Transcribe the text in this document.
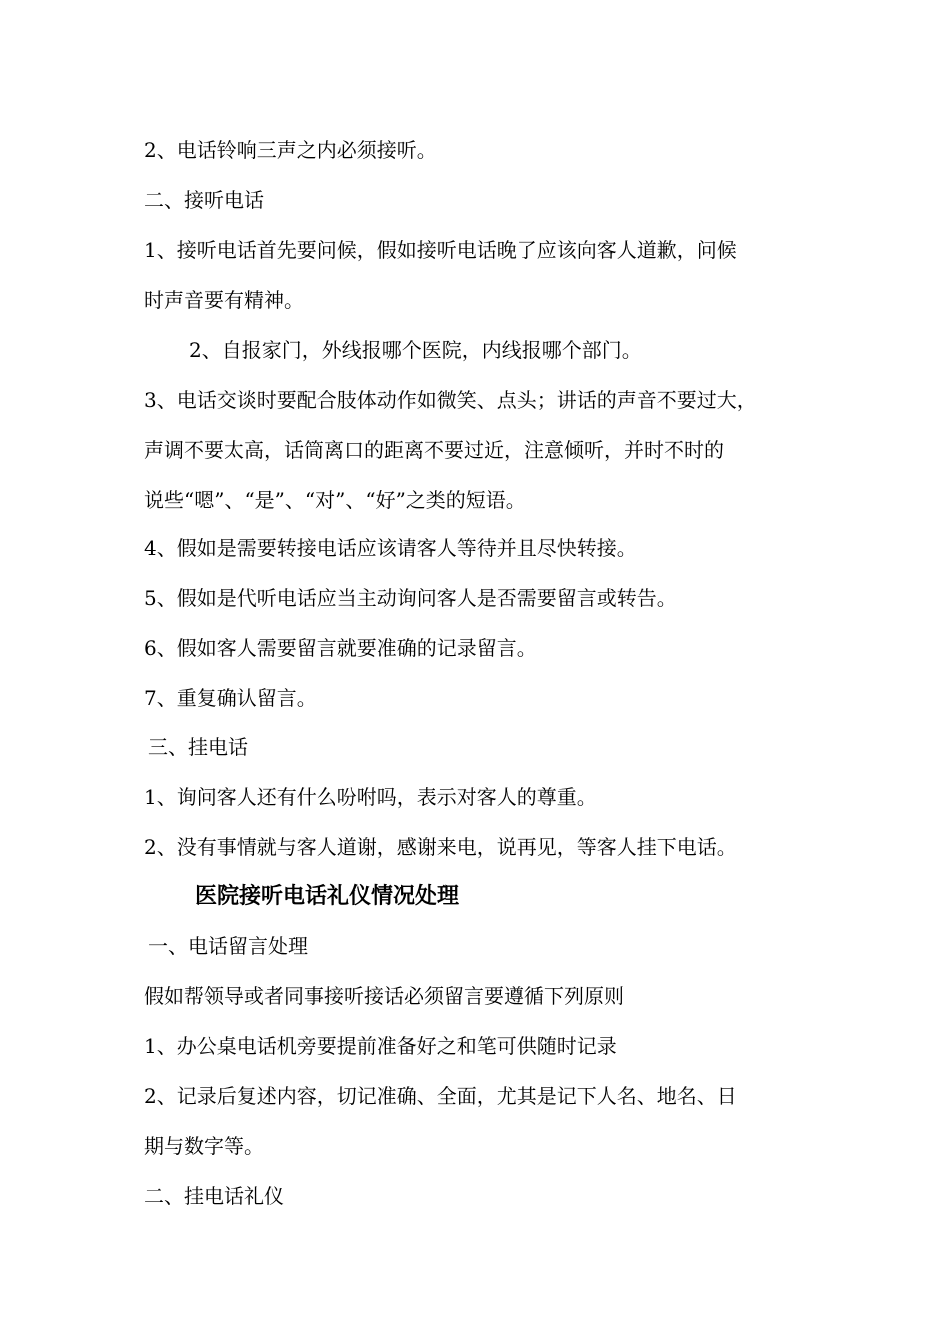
2、电话铃响三声之内必须接听。
二、接听电话
1、接听电话首先要问候，假如接听电话晚了应该向客人道歉，问候
时声音要有精神。
2、自报家门，外线报哪个医院，内线报哪个部门。
3、电话交谈时要配合肢体动作如微笑、点头；讲话的声音不要过大，
声调不要太高，话筒离口的距离不要过近，注意倾听，并时不时的
说些“嗯”、“是”、“对”、“好”之类的短语。
4、假如是需要转接电话应该请客人等待并且尽快转接。
5、假如是代听电话应当主动询问客人是否需要留言或转告。
6、假如客人需要留言就要准确的记录留言。
7、重复确认留言。
三、挂电话
1、询问客人还有什么吩咐吗，表示对客人的尊重。
2、没有事情就与客人道谢，感谢来电，说再见，等客人挂下电话。
医院接听电话礼仪情况处理
一、电话留言处理
假如帮领导或者同事接听接话必须留言要遵循下列原则
1、办公桌电话机旁要提前准备好之和笔可供随时记录
2、记录后复述内容，切记准确、全面，尤其是记下人名、地名、日
期与数字等。
二、挂电话礼仪
